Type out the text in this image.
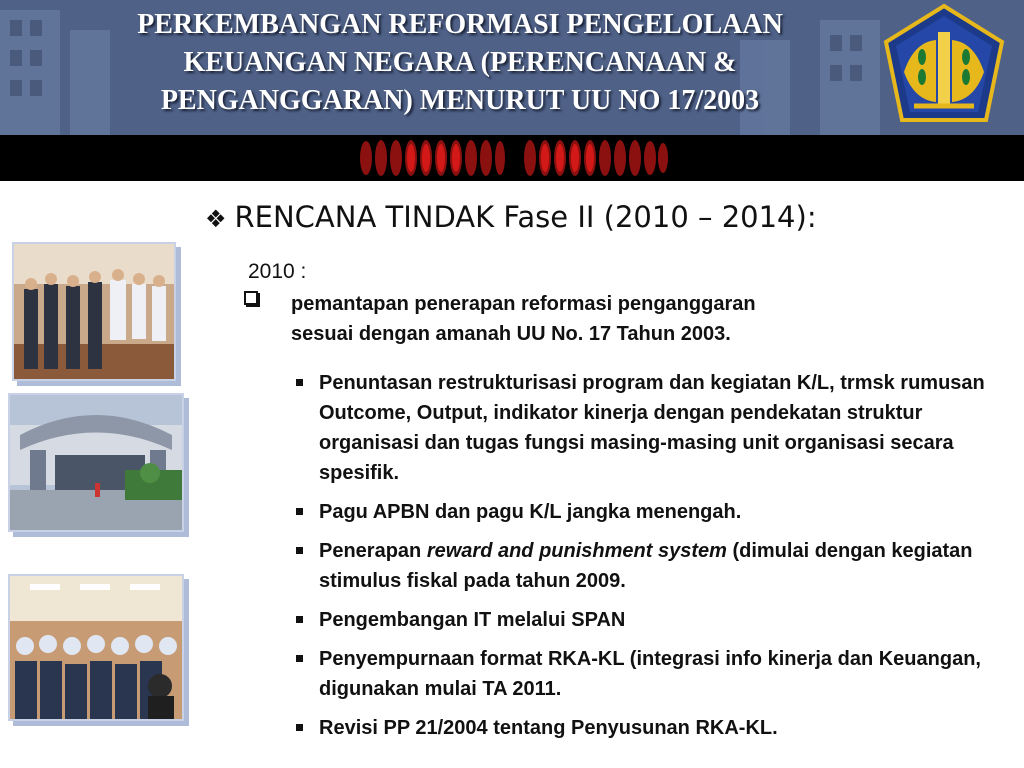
PERKEMBANGAN REFORMASI PENGELOLAAN
KEUANGAN NEGARA (PERENCANAAN &
PENGANGGARAN) MENURUT UU NO 17/2003
❖ RENCANA TINDAK Fase II (2010 – 2014):
2010 :
pemantapan penerapan reformasi penganggaran
sesuai dengan amanah UU No. 17 Tahun 2003.
Penuntasan restrukturisasi program dan kegiatan K/L, trmsk rumusan Outcome, Output, indikator kinerja dengan pendekatan struktur organisasi dan tugas fungsi masing-masing unit organisasi secara spesifik.
Pagu APBN dan pagu K/L jangka menengah.
Penerapan reward and punishment system (dimulai dengan kegiatan stimulus fiskal pada tahun 2009.
Pengembangan IT melalui SPAN
Penyempurnaan format RKA-KL (integrasi info kinerja dan Keuangan, digunakan mulai TA 2011.
Revisi PP 21/2004 tentang Penyusunan RKA-KL.
